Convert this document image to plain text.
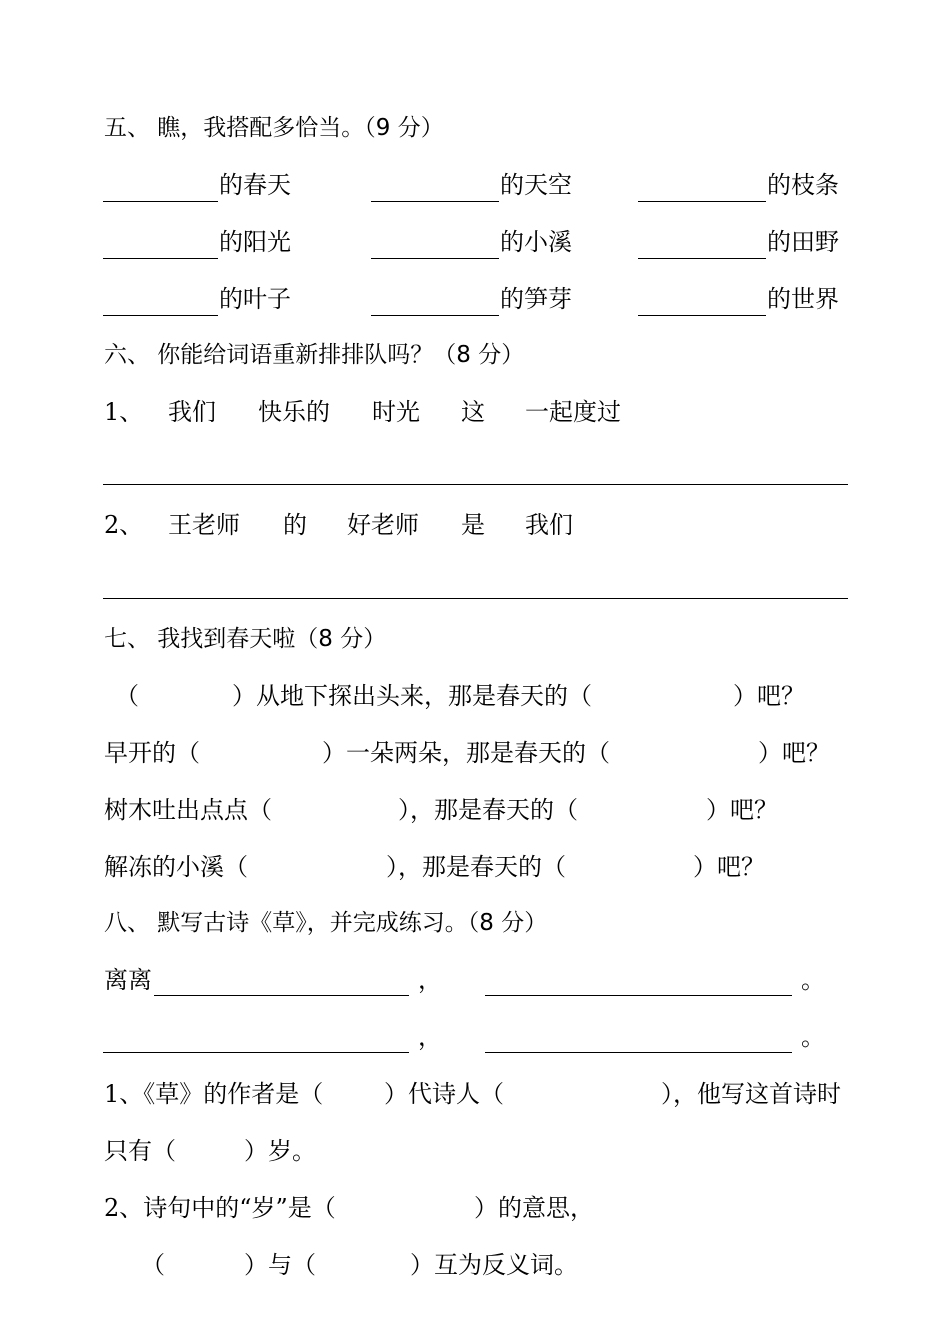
五、 瞧，我搭配多恰当。（9 分）
的春天	的天空	的枝条
的阳光	的小溪	的田野
的叶子	的笋芽	的世界
六、 你能给词语重新排排队吗？（8 分）
1、 我们 快乐的 时光 这 一起度过
2、 王老师 的 好老师 是 我们
七、 我找到春天啦（8 分）
（	）从地下探出头来，那是春天的（	）吧？
早开的（	）一朵两朵，那是春天的（	）吧？
树木吐出点点（	），那是春天的（	）吧？
解冻的小溪（	），那是春天的（	）吧？
八、 默写古诗《草》，并完成练习。（8 分）
离离	，	。
，	。
1、《草》的作者是（	）代诗人（	），他写这首诗时
只有（	）岁。
2、诗句中的“岁”是（	）的意思，
（	）与（	）互为反义词。
